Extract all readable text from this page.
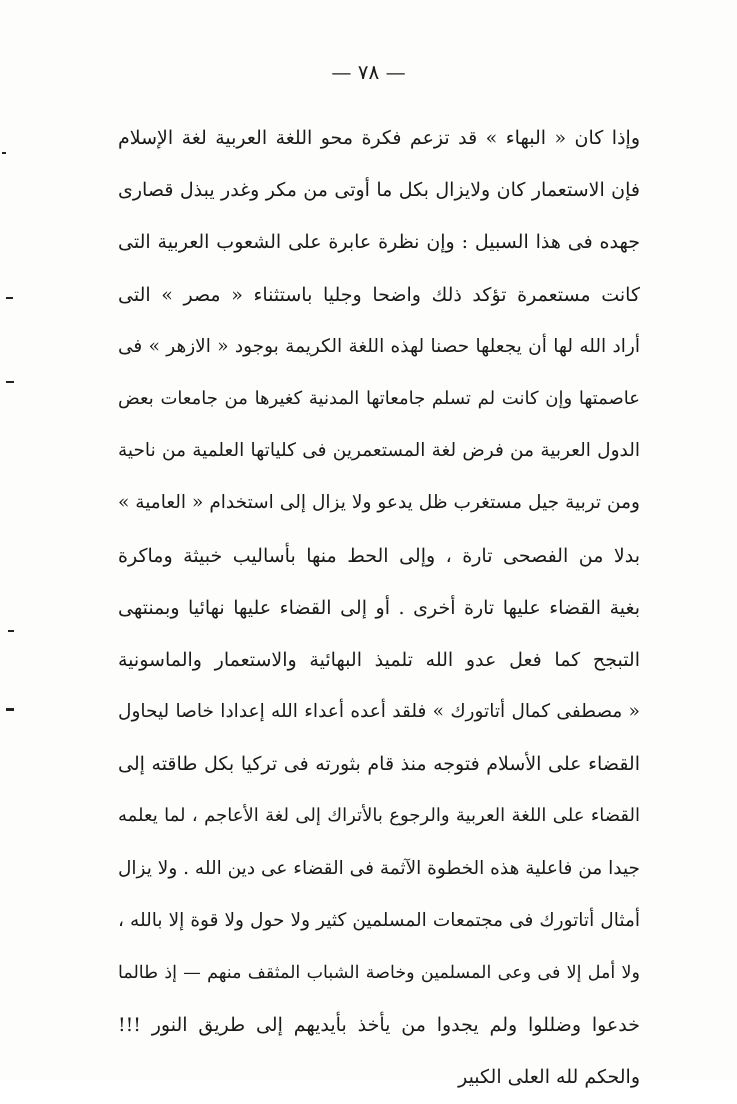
— ٧٨ —
وإذا كان « البهاء » قد تزعم فكرة محو اللغة العربية لغة الإسلام
فإن الاستعمار كان ولايزال بكل ما أوتى من مكر وغدر يبذل قصارى
جهده فى هذا السبيل : وإن نظرة عابرة على الشعوب العربية التى
كانت مستعمرة تؤكد ذلك واضحا وجليا باستثناء « مصر » التى
أراد الله لها أن يجعلها حصنا لهذه اللغة الكريمة بوجود « الازهر » فى
عاصمتها وإن كانت لم تسلم جامعاتها المدنية كغيرها من جامعات بعض
الدول العربية من فرض لغة المستعمرين فى كلياتها العلمية من ناحية
ومن تربية جيل مستغرب ظل يدعو ولا يزال إلى استخدام « العامية »
بدلا من الفصحى تارة ، وإلى الحط منها بأساليب خبيثة وماكرة
بغية القضاء عليها تارة أخرى . أو إلى القضاء عليها نهائيا وبمنتهى
التبجح كما فعل عدو الله تلميذ البهائية والاستعمار والماسونية
« مصطفى كمال أتاتورك » فلقد أعده أعداء الله إعدادا خاصا ليحاول
القضاء على الأسلام فتوجه منذ قام بثورته فى تركيا بكل طاقته إلى
القضاء على اللغة العربية والرجوع بالأتراك إلى لغة الأعاجم ، لما يعلمه
جيدا من فاعلية هذه الخطوة الآثمة فى القضاء عى دين الله . ولا يزال
أمثال أتاتورك فى مجتمعات المسلمين كثير ولا حول ولا قوة إلا بالله ،
ولا أمل إلا فى وعى المسلمين وخاصة الشباب المثقف منهم — إذ طالما
خدعوا وضللوا ولم يجدوا من يأخذ بأيديهم إلى طريق النور !!!
والحكم لله العلى الكبير
